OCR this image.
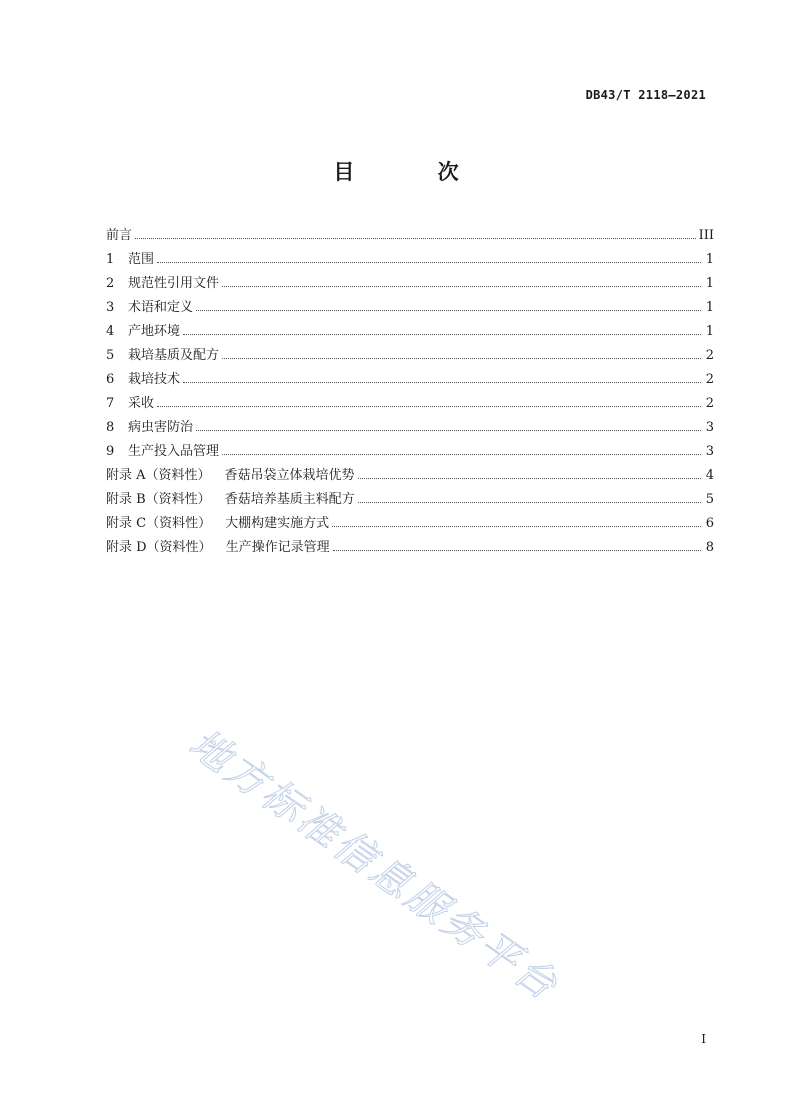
DB43/T 2118—2021
目 次
前言	III
1 范围	1
2 规范性引用文件	1
3 术语和定义	1
4 产地环境	1
5 栽培基质及配方	2
6 栽培技术	2
7 采收	2
8 病虫害防治	3
9 生产投入品管理	3
附录 A（资料性） 香菇吊袋立体栽培优势	4
附录 B（资料性） 香菇培养基质主料配方	5
附录 C（资料性） 大棚构建实施方式	6
附录 D（资料性） 生产操作记录管理	8
地方标准信息服务平台
I
